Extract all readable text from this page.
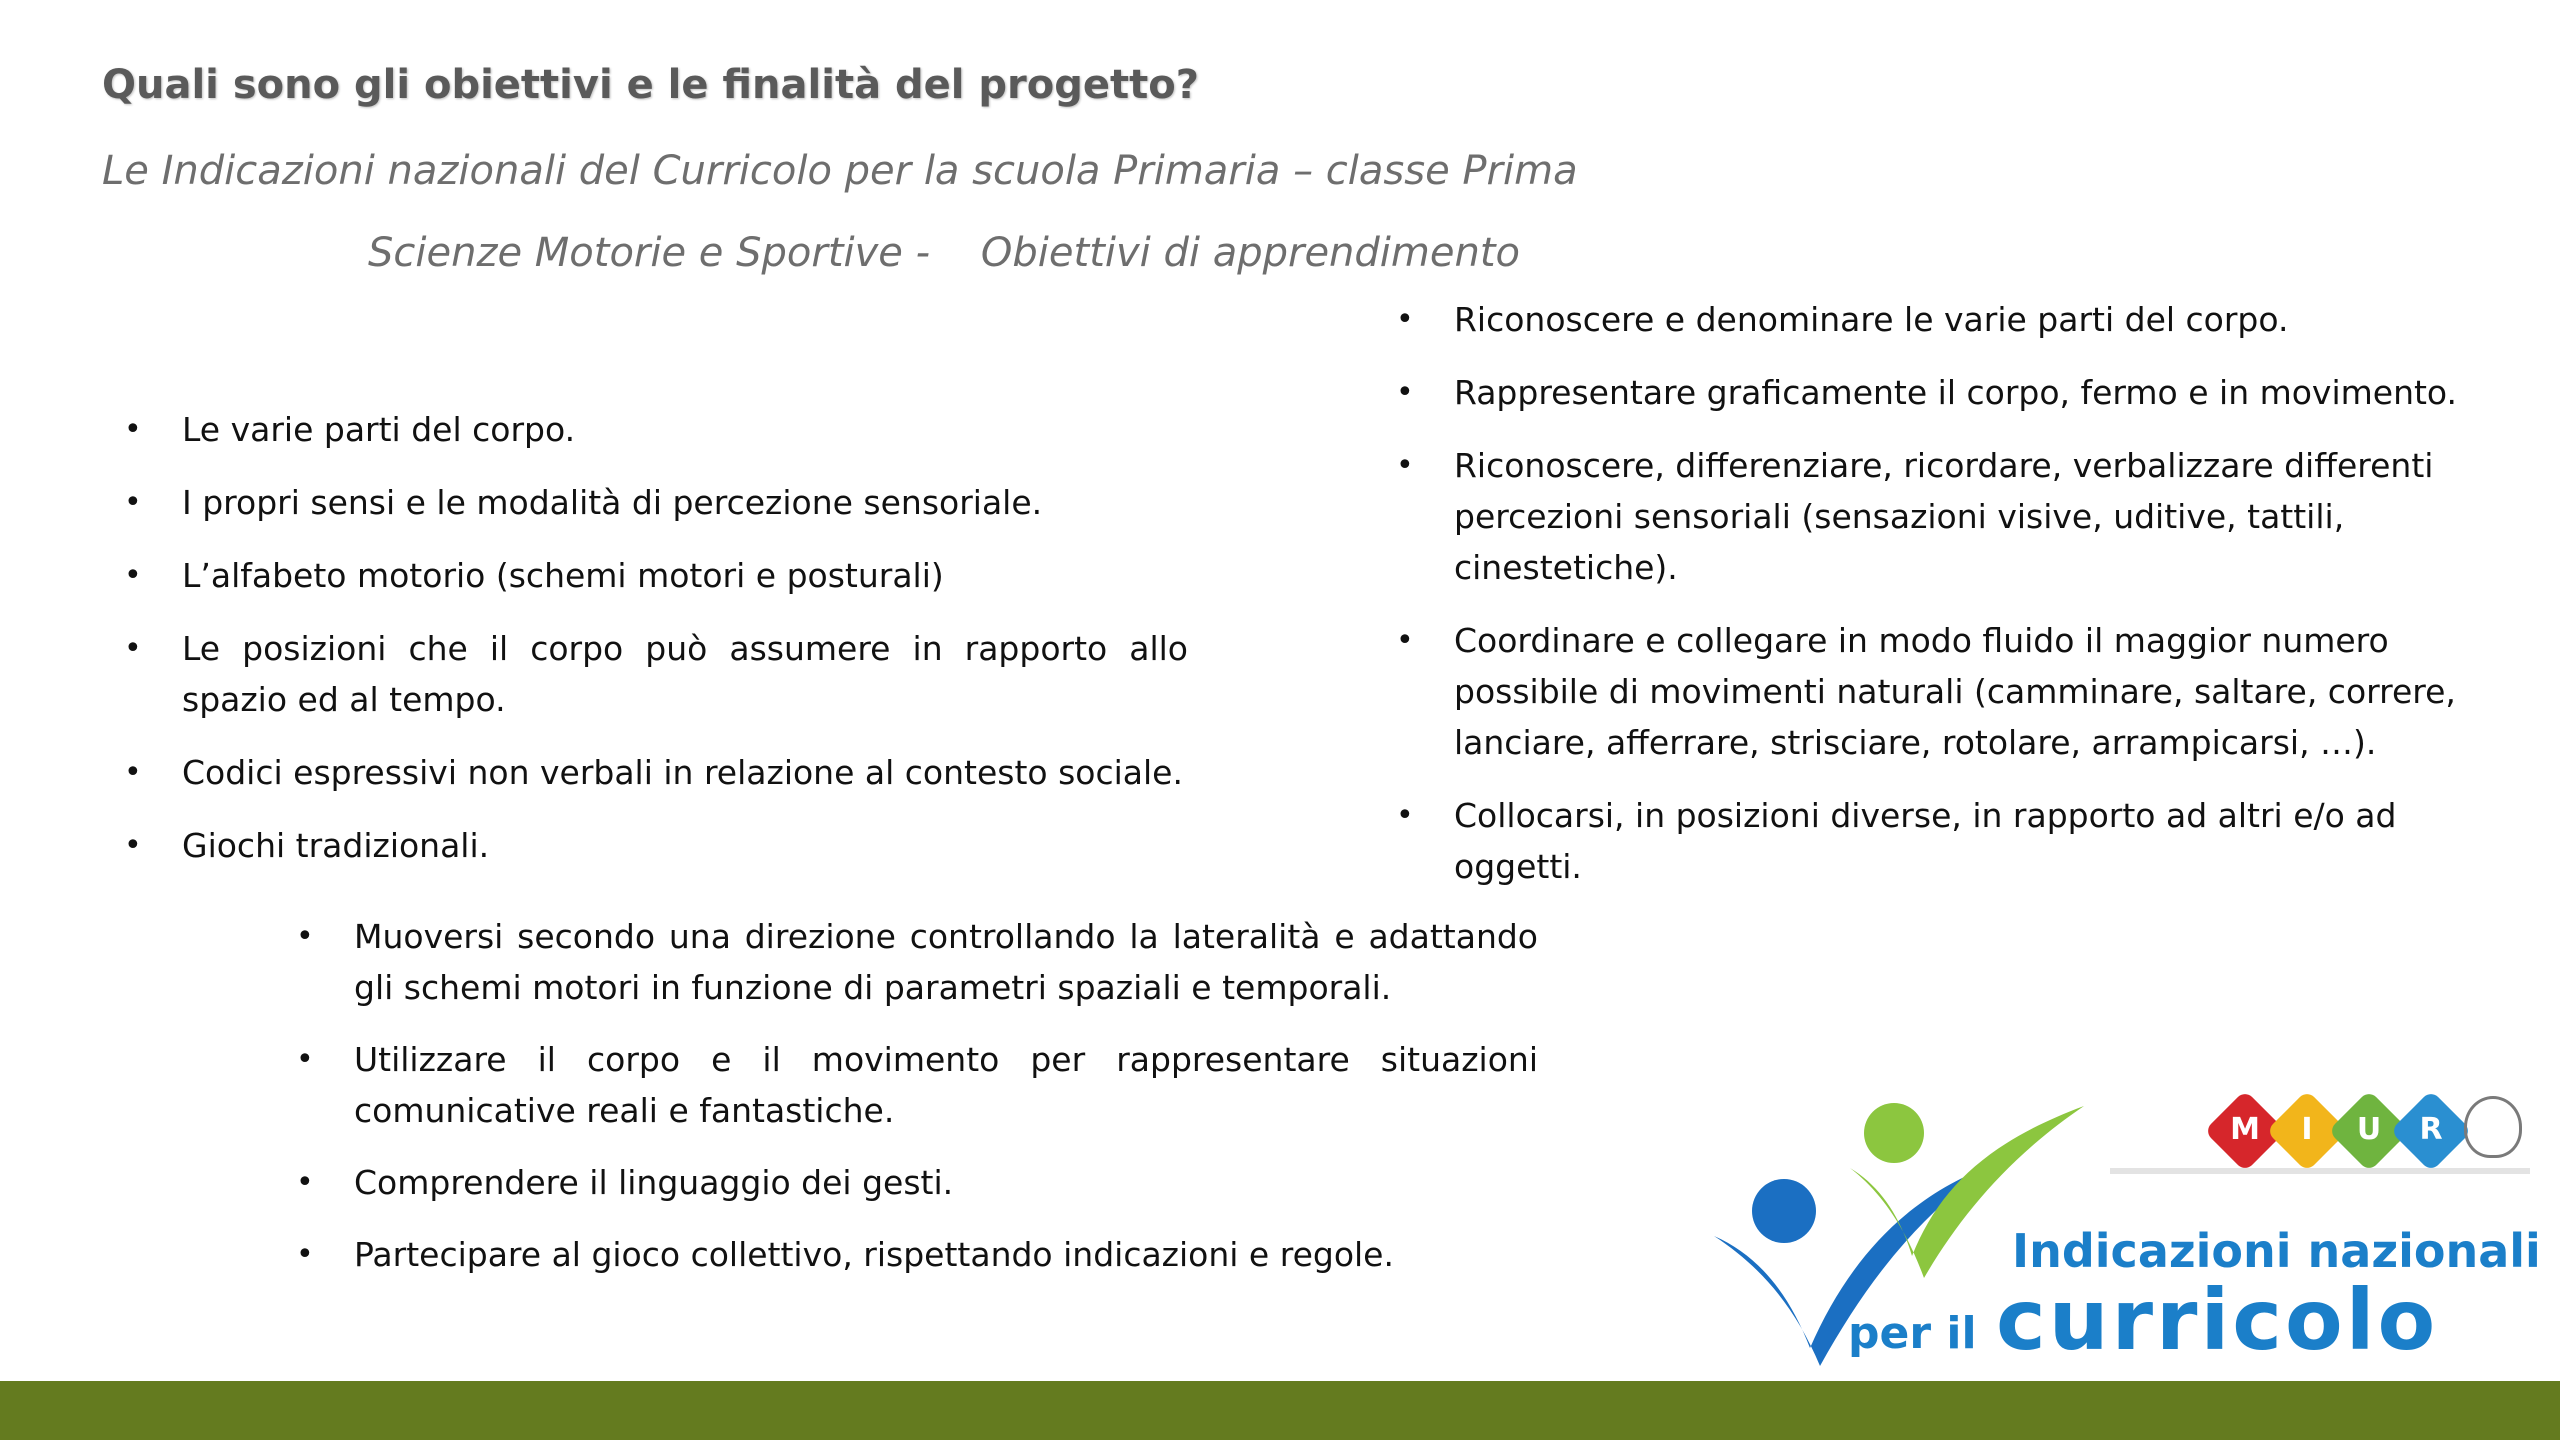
Quali sono gli obiettivi e le finalità del progetto?
Le Indicazioni nazionali del Curricolo per la scuola Primaria – classe Prima
Scienze Motorie e Sportive -    Obiettivi di apprendimento
• Le varie parti del corpo.
• I propri sensi e le modalità di percezione sensoriale.
• L’alfabeto motorio (schemi motori e posturali)
• Le posizioni che il corpo può assumere in rapporto allo spazio ed al tempo.
• Codici espressivi non verbali in relazione al contesto sociale.
• Giochi tradizionali.
• Riconoscere e denominare le varie parti del corpo.
• Rappresentare graficamente il corpo, fermo e in movimento.
• Riconoscere, differenziare, ricordare, verbalizzare differenti percezioni sensoriali (sensazioni visive, uditive, tattili, cinestetiche).
• Coordinare e collegare in modo fluido il maggior numero possibile di movimenti naturali (camminare, saltare, correre, lanciare, afferrare, strisciare, rotolare, arrampicarsi, …).
• Collocarsi, in posizioni diverse, in rapporto ad altri e/o ad oggetti.
• Muoversi secondo una direzione controllando la lateralità e adattando gli schemi motori in funzione di parametri spaziali e temporali.
• Utilizzare il corpo e il movimento per rappresentare situazioni comunicative reali e fantastiche.
• Comprendere il linguaggio dei gesti.
• Partecipare al gioco collettivo, rispettando indicazioni e regole.
M	I	U	R
Indicazioni nazionali
per il curricolo
